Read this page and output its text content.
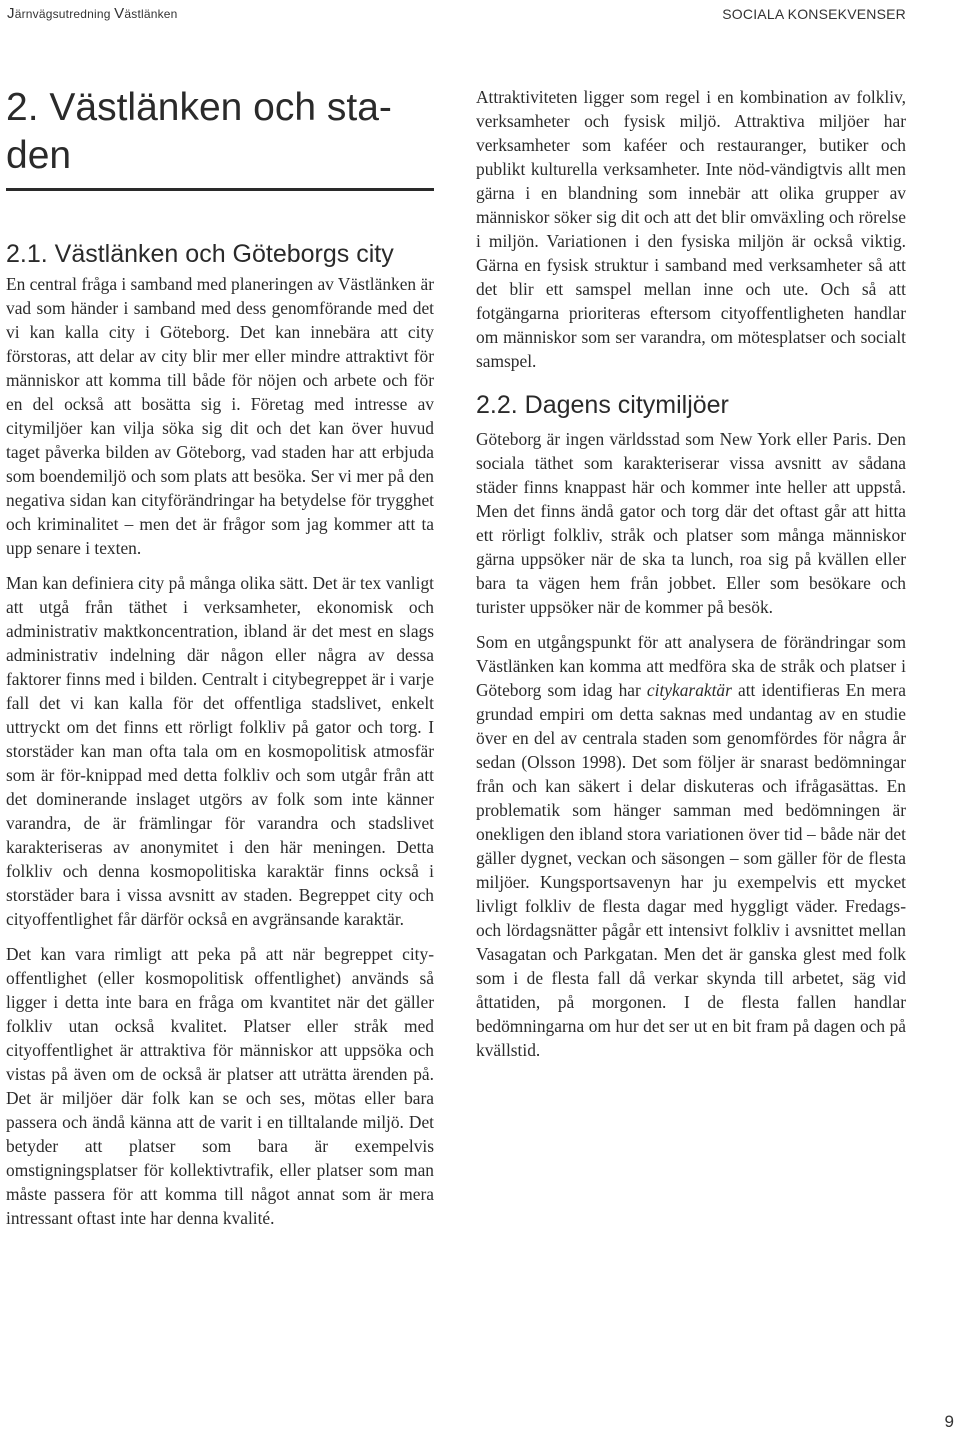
Järnvägsutredning Västlänken	SOCIALA KONSEKVENSER
2. Västlänken och sta-den
2.1. Västlänken och Göteborgs city

En central fråga i samband med planeringen av Västlänken är vad som händer i samband med dess genomförande med det vi kan kalla city i Göteborg. Det kan innebära att city förstoras, att delar av city blir mer eller mindre attraktivt för människor att komma till både för nöjen och arbete och för en del också att bosätta sig i. Företag med intresse av citymiljöer kan vilja söka sig dit och det kan över huvud taget påverka bilden av Göteborg, vad staden har att erbjuda som boendemiljö och som plats att besöka. Ser vi mer på den negativa sidan kan cityförändringar ha betydelse för trygghet och kriminalitet – men det är frågor som jag kommer att ta upp senare i texten.

Man kan definiera city på många olika sätt. Det är tex vanligt att utgå från täthet i verksamheter, ekonomisk och administrativ maktkoncentration, ibland är det mest en slags administrativ indelning där någon eller några av dessa faktorer finns med i bilden. Centralt i citybegreppet är i varje fall det vi kan kalla för det offentliga stadslivet, enkelt uttryckt om det finns ett rörligt folkliv på gator och torg. I storstäder kan man ofta tala om en kosmopolitisk atmosfär som är för-knippad med detta folkliv och som utgår från att det dominerande inslaget utgörs av folk som inte känner varandra, de är främlingar för varandra och stadslivet karakteriseras av anonymitet i den här meningen. Detta folkliv och denna kosmopolitiska karaktär finns också i storstäder bara i vissa avsnitt av staden. Begreppet city och cityoffentlighet får därför också en avgränsande karaktär.

Det kan vara rimligt att peka på att när begreppet city-offentlighet (eller kosmopolitisk offentlighet) används så ligger i detta inte bara en fråga om kvantitet när det gäller folkliv utan också kvalitet. Platser eller stråk med cityoffentlighet är attraktiva för människor att uppsöka och vistas på även om de också är platser att uträtta ärenden på. Det är miljöer där folk kan se och ses, mötas eller bara passera och ändå känna att de varit i en tilltalande miljö. Det betyder att platser som bara är exempelvis omstigningsplatser för kollektivtrafik, eller platser som man måste passera för att komma till något annat som är mera intressant oftast inte har denna kvalité.

Attraktiviteten ligger som regel i en kombination av folkliv, verksamheter och fysisk miljö. Attraktiva miljöer har verksamheter som kaféer och restauranger, butiker och publikt kulturella verksamheter. Inte nöd-vändigtvis allt men gärna i en blandning som innebär att olika grupper av människor söker sig dit och att det blir omväxling och rörelse i miljön. Variationen i den fysiska miljön är också viktig. Gärna en fysisk struktur i samband med verksamheter så att det blir ett samspel mellan inne och ute. Och så att fotgängarna prioriteras eftersom cityoffentligheten handlar om människor som ser varandra, om mötesplatser och socialt samspel.

2.2. Dagens citymiljöer

Göteborg är ingen världsstad som New York eller Paris. Den sociala täthet som karakteriserar vissa avsnitt av sådana städer finns knappast här och kommer inte heller att uppstå. Men det finns ändå gator och torg där det oftast går att hitta ett rörligt folkliv, stråk och platser som många människor gärna uppsöker när de ska ta lunch, roa sig på kvällen eller bara ta vägen hem från jobbet. Eller som besökare och turister uppsöker när de kommer på besök.

Som en utgångspunkt för att analysera de förändringar som Västlänken kan komma att medföra ska de stråk och platser i Göteborg som idag har citykaraktär att identifieras En mera grundad empiri om detta saknas med undantag av en studie över en del av centrala staden som genomfördes för några år sedan (Olsson 1998). Det som följer är snarast bedömningar från och kan säkert i delar diskuteras och ifrågasättas. En problematik som hänger samman med bedömningen är onekligen den ibland stora variationen över tid – både när det gäller dygnet, veckan och säsongen – som gäller för de flesta miljöer. Kungsportsavenyn har ju exempelvis ett mycket livligt folkliv de flesta dagar med hyggligt väder. Fredags- och lördagsnätter pågår ett intensivt folkliv i avsnittet mellan Vasagatan och Parkgatan. Men det är ganska glest med folk som i de flesta fall då verkar skynda till arbetet, säg vid åttatiden, på morgonen. I de flesta fallen handlar bedömningarna om hur det ser ut en bit fram på dagen och på kvällstid.

9
